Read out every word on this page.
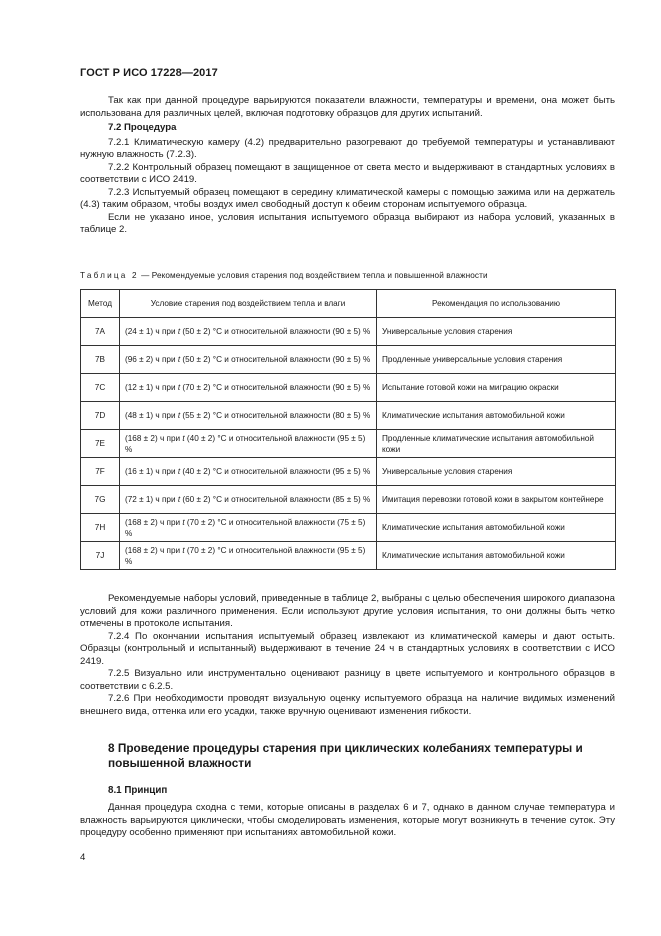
ГОСТ Р ИСО 17228—2017

Так как при данной процедуре варьируются показатели влажности, температуры и времени, она может быть использована для различных целей, включая подготовку образцов для других испытаний.

7.2 Процедура

7.2.1 Климатическую камеру (4.2) предварительно разогревают до требуемой температуры и устанавливают нужную влажность (7.2.3).

7.2.2 Контрольный образец помещают в защищенное от света место и выдерживают в стандартных условиях в соответствии с ИСО 2419.

7.2.3 Испытуемый образец помещают в середину климатической камеры с помощью зажима или на держатель (4.3) таким образом, чтобы воздух имел свободный доступ к обеим сторонам испытуемого образца.

Если не указано иное, условия испытания испытуемого образца выбирают из набора условий, указанных в таблице 2.

Таблица 2 — Рекомендуемые условия старения под воздействием тепла и повышенной влажности
Метод	Условие старения под воздействием тепла и влаги	Рекомендация по использованию
7A	(24 ± 1) ч при t (50 ± 2) °C и относительной влажности (90 ± 5) %	Универсальные условия старения
7B	(96 ± 2) ч при t (50 ± 2) °C и относительной влажности (90 ± 5) %	Продленные универсальные условия старения
7C	(12 ± 1) ч при t (70 ± 2) °C и относительной влажности (90 ± 5) %	Испытание готовой кожи на миграцию окраски
7D	(48 ± 1) ч при t (55 ± 2) °C и относительной влажности (80 ± 5) %	Климатические испытания автомобильной кожи
7E	(168 ± 2) ч при t (40 ± 2) °C и относительной влажности (95 ± 5) %	Продленные климатические испытания автомобильной кожи
7F	(16 ± 1) ч при t (40 ± 2) °C и относительной влажности (95 ± 5) %	Универсальные условия старения
7G	(72 ± 1) ч при t (60 ± 2) °C и относительной влажности (85 ± 5) %	Имитация перевозки готовой кожи в закрытом контейнере
7H	(168 ± 2) ч при t (70 ± 2) °C и относительной влажности (75 ± 5) %	Климатические испытания автомобильной кожи
7J	(168 ± 2) ч при t (70 ± 2) °C и относительной влажности (95 ± 5) %	Климатические испытания автомобильной кожи

Рекомендуемые наборы условий, приведенные в таблице 2, выбраны с целью обеспечения широкого диапазона условий для кожи различного применения. Если используют другие условия испытания, то они должны быть четко отмечены в протоколе испытания.

7.2.4 По окончании испытания испытуемый образец извлекают из климатической камеры и дают остыть. Образцы (контрольный и испытанный) выдерживают в течение 24 ч в стандартных условиях в соответствии с ИСО 2419.

7.2.5 Визуально или инструментально оценивают разницу в цвете испытуемого и контрольного образцов в соответствии с 6.2.5.

7.2.6 При необходимости проводят визуальную оценку испытуемого образца на наличие видимых изменений внешнего вида, оттенка или его усадки, также вручную оценивают изменения гибкости.

8 Проведение процедуры старения при циклических колебаниях температуры и повышенной влажности
8.1 Принцип

Данная процедура сходна с теми, которые описаны в разделах 6 и 7, однако в данном случае температура и влажность варьируются циклически, чтобы смоделировать изменения, которые могут возникнуть в течение суток. Эту процедуру особенно применяют при испытаниях автомобильной кожи.

4
